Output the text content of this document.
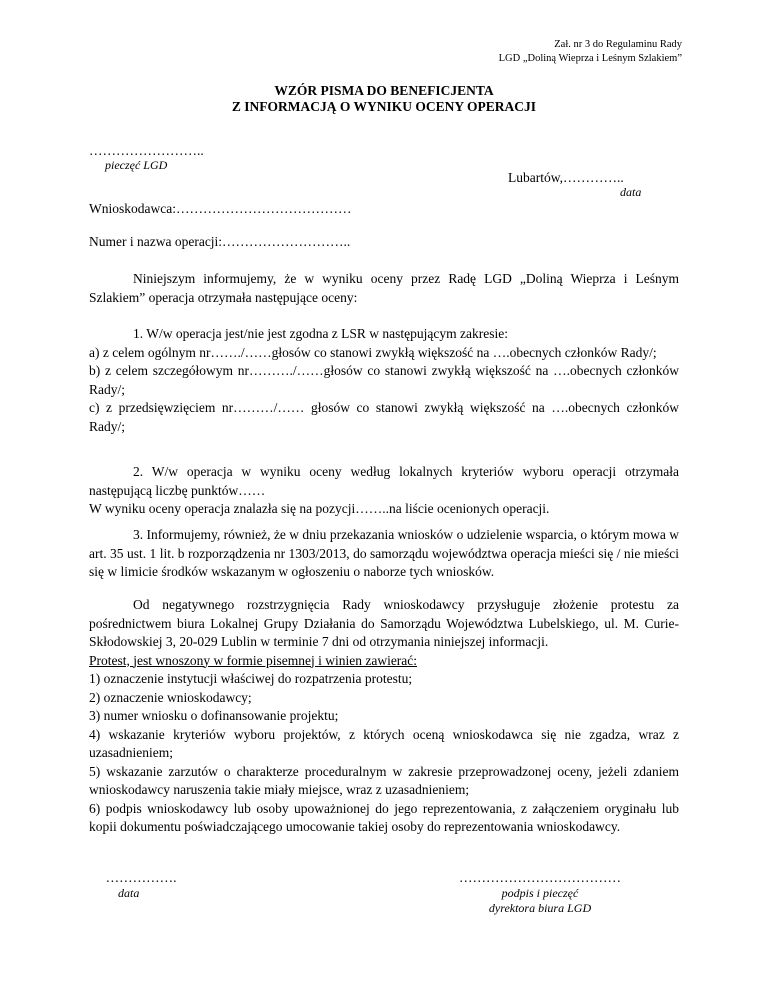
Zał. nr 3 do Regulaminu Rady
LGD „Doliną Wieprza i Leśnym Szlakiem”
WZÓR PISMA DO BENEFICJENTA
Z INFORMACJĄ O WYNIKU OCENY OPERACJI
……………………..
pieczęć LGD
Lubartów,…………..
data
Wnioskodawca:…………………………………
Numer i nazwa operacji:………………………..

Niniejszym informujemy, że w wyniku oceny przez Radę LGD „Doliną Wieprza i Leśnym Szlakiem” operacja otrzymała następujące oceny:

1. W/w operacja jest/nie jest zgodna z LSR w następującym zakresie:

a) z celem ogólnym nr……./……głosów co stanowi zwykłą większość na ….obecnych członków Rady/;

b) z celem szczegółowym nr………./……głosów co stanowi zwykłą większość na ….obecnych członków Rady/;

c) z przedsięwzięciem nr………/…… głosów co stanowi zwykłą większość na ….obecnych członków Rady/;

2. W/w operacja w wyniku oceny według lokalnych kryteriów wyboru operacji otrzymała następującą liczbę punktów……

W wyniku oceny operacja znalazła się na pozycji……..na liście ocenionych operacji.

3. Informujemy, również, że w dniu przekazania wniosków o udzielenie wsparcia, o którym mowa w art. 35 ust. 1 lit. b rozporządzenia nr 1303/2013, do samorządu województwa operacja mieści się / nie mieści się w limicie środków wskazanym w ogłoszeniu o naborze tych wniosków.

Od negatywnego rozstrzygnięcia Rady wnioskodawcy przysługuje złożenie protestu za pośrednictwem biura Lokalnej Grupy Działania do Samorządu Województwa Lubelskiego, ul. M. Curie-Skłodowskiej 3, 20-029 Lublin w terminie 7 dni od otrzymania niniejszej informacji.

Protest, jest wnoszony w formie pisemnej i winien zawierać:

1) oznaczenie instytucji właściwej do rozpatrzenia protestu;

2) oznaczenie wnioskodawcy;

3) numer wniosku o dofinansowanie projektu;

4) wskazanie kryteriów wyboru projektów, z których oceną wnioskodawca się nie zgadza, wraz z uzasadnieniem;

5) wskazanie zarzutów o charakterze proceduralnym w zakresie przeprowadzonej oceny, jeżeli zdaniem wnioskodawcy naruszenia takie miały miejsce, wraz z uzasadnieniem;

6) podpis wnioskodawcy lub osoby upoważnionej do jego reprezentowania, z załączeniem oryginału lub kopii dokumentu poświadczającego umocowanie takiej osoby do reprezentowania wnioskodawcy.

…………….
data
………………………………
podpis i pieczęć
dyrektora biura LGD
